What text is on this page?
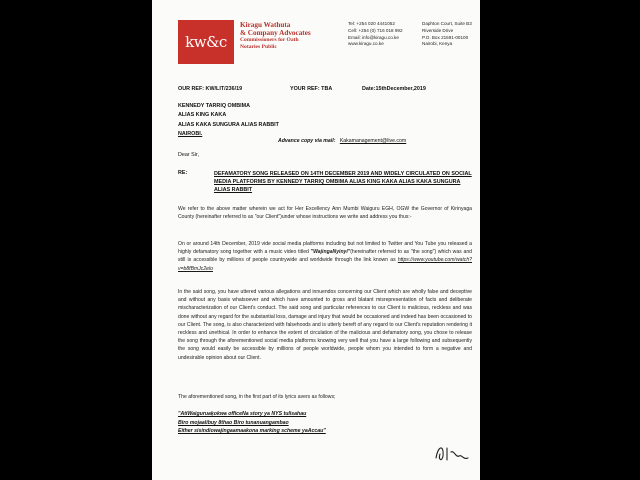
kw&c
Kiragu Wathuta
& Company Advocates
Commissioners for Oath
Notaries Public
Tel: +254 020 4441052
Cell: +254 (0) 716 018 992
Email: info@kiragu.co.ke
www.kiragu.co.ke
Daphton Court, Suite B3
Riverside Drive
P.O. Box 21591-00100
Nairobi, Kenya
OUR REF: KW/LIT/236/19	YOUR REF: TBA	Date:15thDecember,2019
KENNEDY TARRIQ OMBIMA
ALIAS KING KAKA
ALIAS KAKA SUNGURA ALIAS RABBIT
NAIROBI.
Advance copy via mail: Kakamanagement@live.com
Dear Sir,
RE:	DEFAMATORY SONG RELEASED ON 14TH DECEMBER 2019 AND WIDELY CIRCULATED ON SOCIAL MEDIA PLATFORMS BY KENNEDY TARRIQ OMBIMA ALIAS KING KAKA ALIAS KAKA SUNGURA ALIAS RABBIT
We refer to the above matter wherein we act for Her Excellency Ann Mumbi Waiguru EGH, OGW the Governor of Kirinyaga County (hereinafter referred to as "our Client")under whose instructions we write and address you thus:-
On or around 14th December, 2019 vide social media platforms including but not limited to Twitter and You Tube you released a highly defamatory song together with a music video titled "WajingaNyinyi"(hereinafter referred to as "the song") which was and still is accessible by millions of people countrywide and worldwide through the link known as https://www.youtube.com/watch?v=b8fBmJc2elo
In the said song, you have uttered various allegations and innuendos concerning our Client which are wholly false and deceptive and without any basis whatsoever and which have amounted to gross and blatant misrepresentation of facts and deliberate mischaracterization of our Client's conduct. The said song and particular references to our Client is malicious, reckless and was done without any regard for the substantial loss, damage and injury that would be occasioned and indeed has been occasioned to our Client. The song, is also characterized with falsehoods and is utterly bereft of any regard to our Client's reputation rendering it reckless and unethical. In order to enhance the extent of circulation of the malicious and defamatory song, you chose to release the song through the aforementioned social media platforms knowing very well that you have a large following and subsequently the song would easily be accessible by millions of people worldwide, people whom you intended to form a negative and undesirable opinion about our Client.
The aforementioned song, in the first part of its lyrics avers as follows;
"AtiWaiguruaķokwa officeNa story ya NYS tulisahau
Biro mojaalibuy 8thao Biro tunanuangambao
Either sisindiowajingaamaakona marking scheme yaAccau"
